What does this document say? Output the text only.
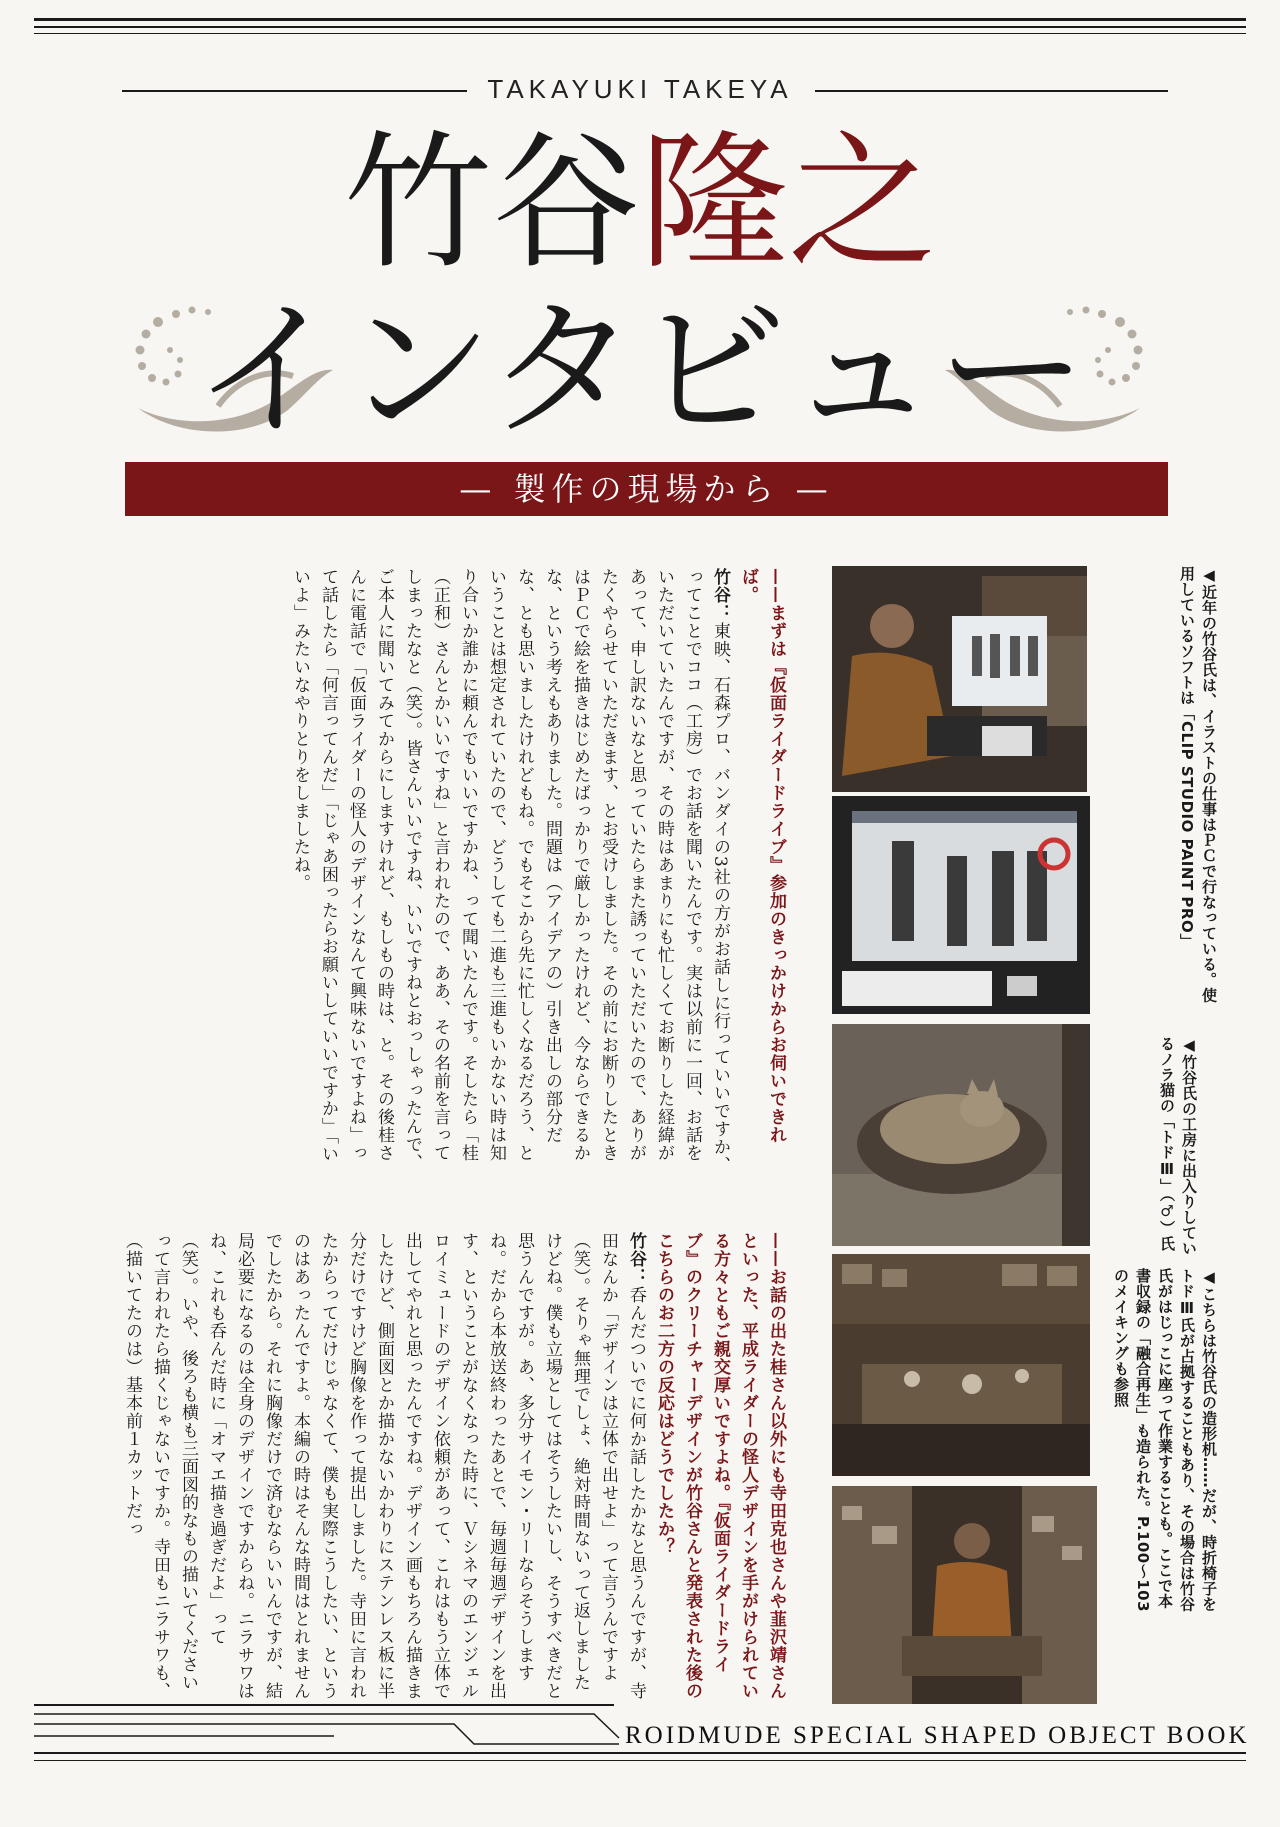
TAKAYUKI TAKEYA
竹谷隆之
インタビュー
— 製作の現場から —
——まずは『仮面ライダードライブ』参加のきっかけからお伺いできれば。
竹谷：東映、石森プロ、バンダイの3社の方がお話しに行っていいですか、ってことでココ（工房）でお話を聞いたんです。実は以前に一回、お話をいただいていたんですが、その時はあまりにも忙しくてお断りした経緯があって、申し訳ないなと思っていたらまた誘っていただいたので、ありがたくやらせていただきます、とお受けしました。その前にお断りしたときはＰＣで絵を描きはじめたばっかりで厳しかったけれど、今ならできるかな、という考えもありました。問題は（アイデアの）引き出しの部分だな、とも思いましたけれどもね。でもそこから先に忙しくなるだろう、ということは想定されていたので、どうしても二進も三進もいかない時は知り合いか誰かに頼んでもいいですかね、って聞いたんです。そしたら「桂（正和）さんとかいいですね」と言われたので、ああ、その名前を言ってしまったなと（笑）。皆さんいいですね、いいですねとおっしゃったんで、ご本人に聞いてみてからにしますけれど、もしもの時は、と。その後桂さんに電話で「仮面ライダーの怪人のデザインなんて興味ないですよね」って話したら「何言ってんだ」「じゃあ困ったらお願いしていいですか」「いいよ」みたいなやりとりをしましたね。
——お話の出た桂さん以外にも寺田克也さんや韮沢靖さんといった、平成ライダーの怪人デザインを手がけられている方々ともご親交厚いですよね。『仮面ライダードライブ』のクリーチャーデザインが竹谷さんと発表された後のこちらのお二方の反応はどうでしたか？
竹谷：呑んだついでに何か話したかなと思うんですが、寺田なんか「デザインは立体で出せよ」って言うんですよ（笑）。そりゃ無理でしょ、絶対時間ないって返しましたけどね。僕も立場としてはそうしたいし、そうすべきだと思うんですが。あ、多分サイモン・リーならそうしますね。だから本放送終わったあとで、毎週毎週デザインを出す、ということがなくなった時に、Ｖシネマのエンジェルロイミュードのデザイン依頼があって、これはもう立体で出してやれと思ったんですね。デザイン画もちろん描きましたけど、側面図とか描かないかわりにステンレス板に半分だけですけど胸像を作って提出しました。寺田に言われたからってだけじゃなくて、僕も実際こうしたい、というのはあったんですよ。本編の時はそんな時間はとれませんでしたから。それに胸像だけで済むならいいんですが、結局必要になるのは全身のデザインですからね。ニラサワはね、これも呑んだ時に「オマエ描き過ぎだよ」って（笑）。いや、後ろも横も三面図的なもの描いてくださいって言われたら描くじゃないですか。寺田もニラサワも、（描いてたのは）基本前１カットだっ
◀近年の竹谷氏は、イラストの仕事はＰＣで行なっている。使用しているソフトは「CLIP STUDIO PAINT PRO」
◀竹谷氏の工房に出入りしているノラ猫の「トドⅢ」（♂）氏
◀こちらは竹谷氏の造形机……だが、時折椅子をトドⅢ氏が占拠することもあり、その場合は竹谷氏がはじっこに座って作業することも。ここで本書収録の「融合再生」も造られた。P.100〜103のメイキングも参照
ROIDMUDE SPECIAL SHAPED OBJECT BOOK
